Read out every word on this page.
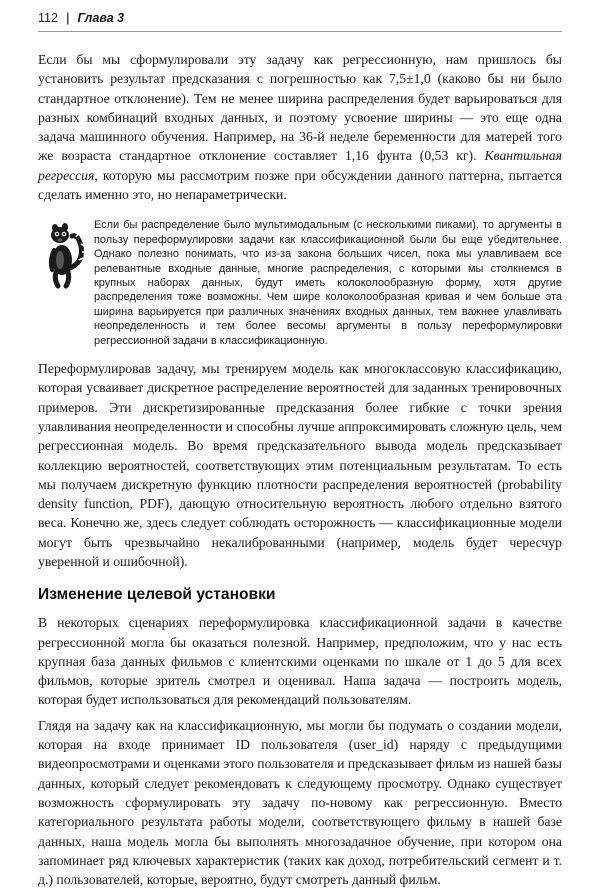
112 | Глава 3

Если бы мы сформулировали эту задачу как регрессионную, нам пришлось бы установить результат предсказания с погрешностью как 7,5±1,0 (каково бы ни было стандартное отклонение). Тем не менее ширина распределения будет варьироваться для разных комбинаций входных данных, и поэтому усвоение ширины — это еще одна задача машинного обучения. Например, на 36-й неделе беременности для матерей того же возраста стандартное отклонение составляет 1,16 фунта (0,53 кг). Квантильная регрессия, которую мы рассмотрим позже при обсуждении данного паттерна, пытается сделать именно это, но непараметрически.

Если бы распределение было мультимодальным (с несколькими пиками), то аргументы в пользу переформулировки задачи как классификационной были бы еще убедительнее. Однако полезно понимать, что из-за закона больших чисел, пока мы улавливаем все релевантные входные данные, многие распределения, с которыми мы столкнемся в крупных наборах данных, будут иметь колоколообразную форму, хотя другие распределения тоже возможны. Чем шире колоколообразная кривая и чем больше эта ширина варьируется при различных значениях входных данных, тем важнее улавливать неопределенность и тем более весомы аргументы в пользу переформулировки регрессионной задачи в классификационную.

Переформулировав задачу, мы тренируем модель как многоклассовую классификацию, которая усваивает дискретное распределение вероятностей для заданных тренировочных примеров. Эти дискретизированные предсказания более гибкие с точки зрения улавливания неопределенности и способны лучше аппроксимировать сложную цель, чем регрессионная модель. Во время предсказательного вывода модель предсказывает коллекцию вероятностей, соответствующих этим потенциальным результатам. То есть мы получаем дискретную функцию плотности распределения вероятностей (probability density function, PDF), дающую относительную вероятность любого отдельно взятого веса. Конечно же, здесь следует соблюдать осторожность — классификационные модели могут быть чрезвычайно некалиброванными (например, модель будет чересчур уверенной и ошибочной).

Изменение целевой установки

В некоторых сценариях переформулировка классификационной задачи в качестве регрессионной могла бы оказаться полезной. Например, предположим, что у нас есть крупная база данных фильмов с клиентскими оценками по шкале от 1 до 5 для всех фильмов, которые зритель смотрел и оценивал. Наша задача — построить модель, которая будет использоваться для рекомендаций пользователям.

Глядя на задачу как на классификационную, мы могли бы подумать о создании модели, которая на входе принимает ID пользователя (user_id) наряду с предыдущими видеопросмотрами и оценками этого пользователя и предсказывает фильм из нашей базы данных, который следует рекомендовать к следующему просмотру. Однако существует возможность сформулировать эту задачу по-новому как регрессионную. Вместо категориального результата работы модели, соответствующего фильму в нашей базе данных, наша модель могла бы выполнять многозадачное обучение, при котором она запоминает ряд ключевых характеристик (таких как доход, потребительский сегмент и т. д.) пользователей, которые, вероятно, будут смотреть данный фильм.
